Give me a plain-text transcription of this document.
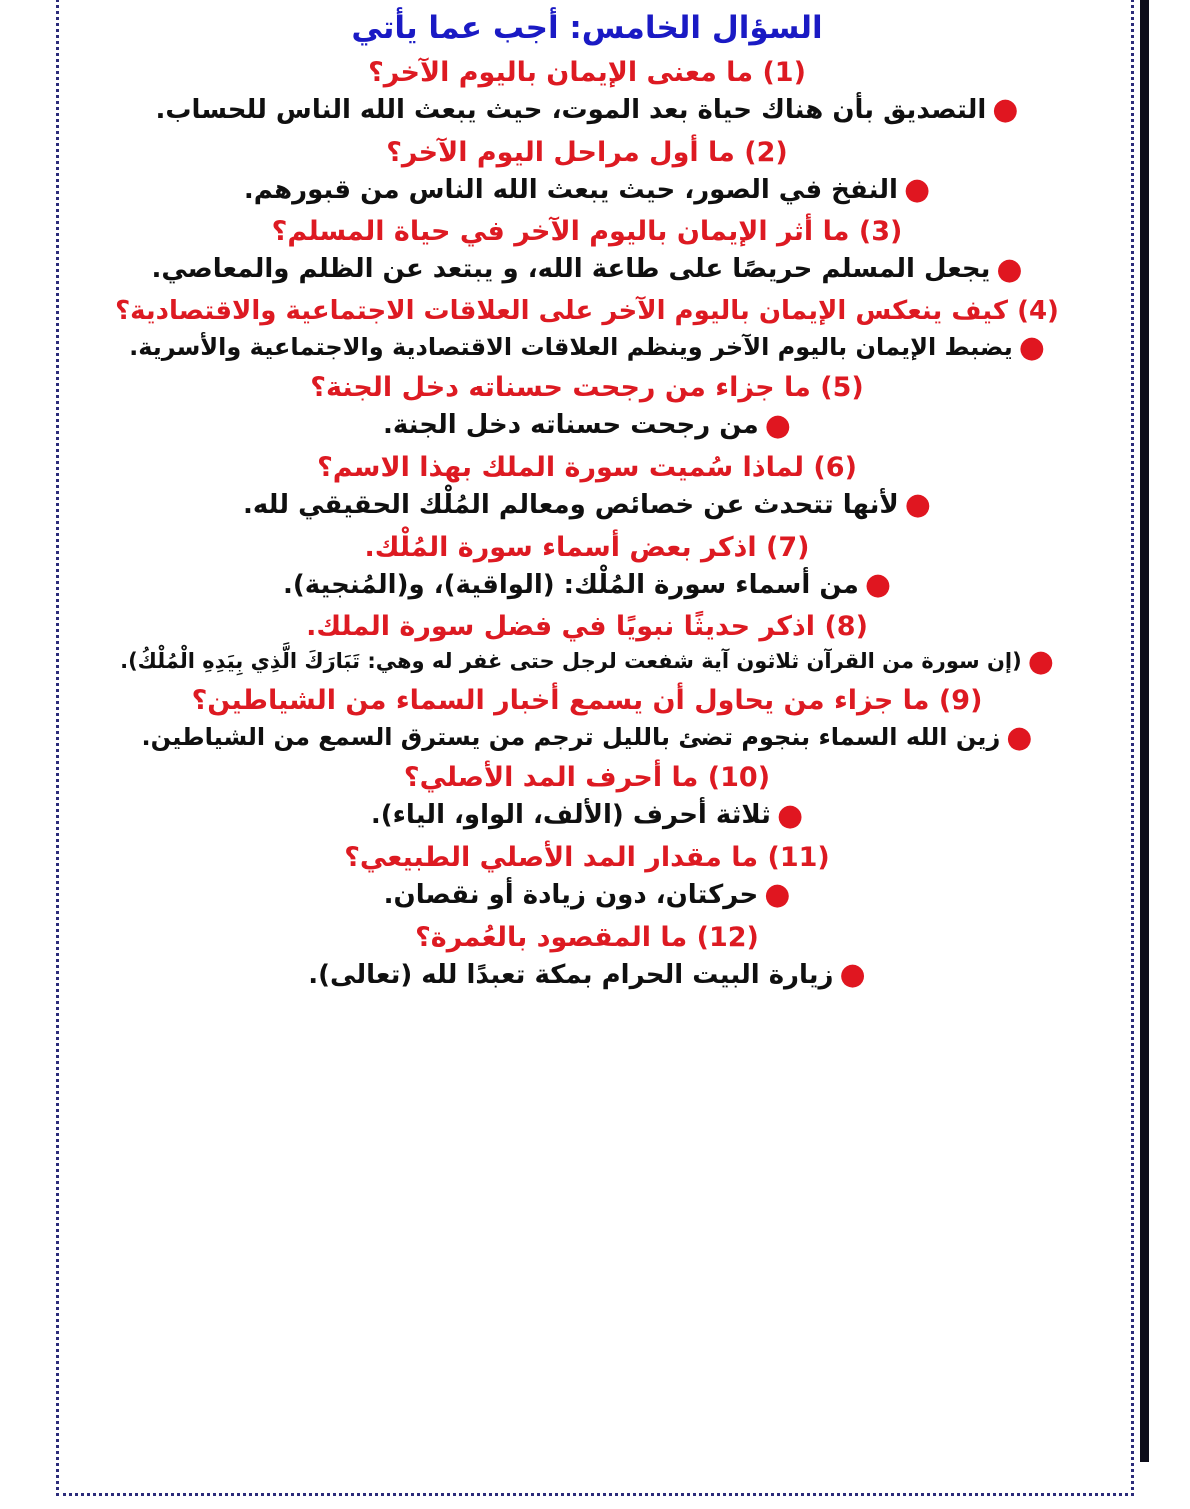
السؤال الخامس: أجب عما يأتي
(1) ما معنى الإيمان باليوم الآخر؟
●التصديق بأن هناك حياة بعد الموت، حيث يبعث الله الناس للحساب.
(2) ما أول مراحل اليوم الآخر؟
●النفخ في الصور، حيث يبعث الله الناس من قبورهم.
(3) ما أثر الإيمان باليوم الآخر في حياة المسلم؟
●يجعل المسلم حريصًا على طاعة الله، و يبتعد عن الظلم والمعاصي.
(4) كيف ينعكس الإيمان باليوم الآخر على العلاقات الاجتماعية والاقتصادية؟
●يضبط الإيمان باليوم الآخر وينظم العلاقات الاقتصادية والاجتماعية والأسرية.
(5) ما جزاء من رجحت حسناته دخل الجنة؟
●من رجحت حسناته دخل الجنة.
(6) لماذا سُميت سورة الملك بهذا الاسم؟
●لأنها تتحدث عن خصائص ومعالم المُلْك الحقيقي لله.
(7) اذكر بعض أسماء سورة المُلْك.
●من أسماء سورة المُلْك: (الواقية)، و(المُنجية).
(8) اذكر حديثًا نبويًا في فضل سورة الملك.
●(إن سورة من القرآن ثلاثون آية شفعت لرجل حتى غفر له وهي: تَبَارَكَ الَّذِي بِيَدِهِ الْمُلْكُ).
(9) ما جزاء من يحاول أن يسمع أخبار السماء من الشياطين؟
●زين الله السماء بنجوم تضئ بالليل ترجم من يسترق السمع من الشياطين.
(10) ما أحرف المد الأصلي؟
●ثلاثة أحرف (الألف، الواو، الياء).
(11) ما مقدار المد الأصلي الطبيعي؟
●حركتان، دون زيادة أو نقصان.
(12) ما المقصود بالعُمرة؟
●زيارة البيت الحرام بمكة تعبدًا لله (تعالى).
